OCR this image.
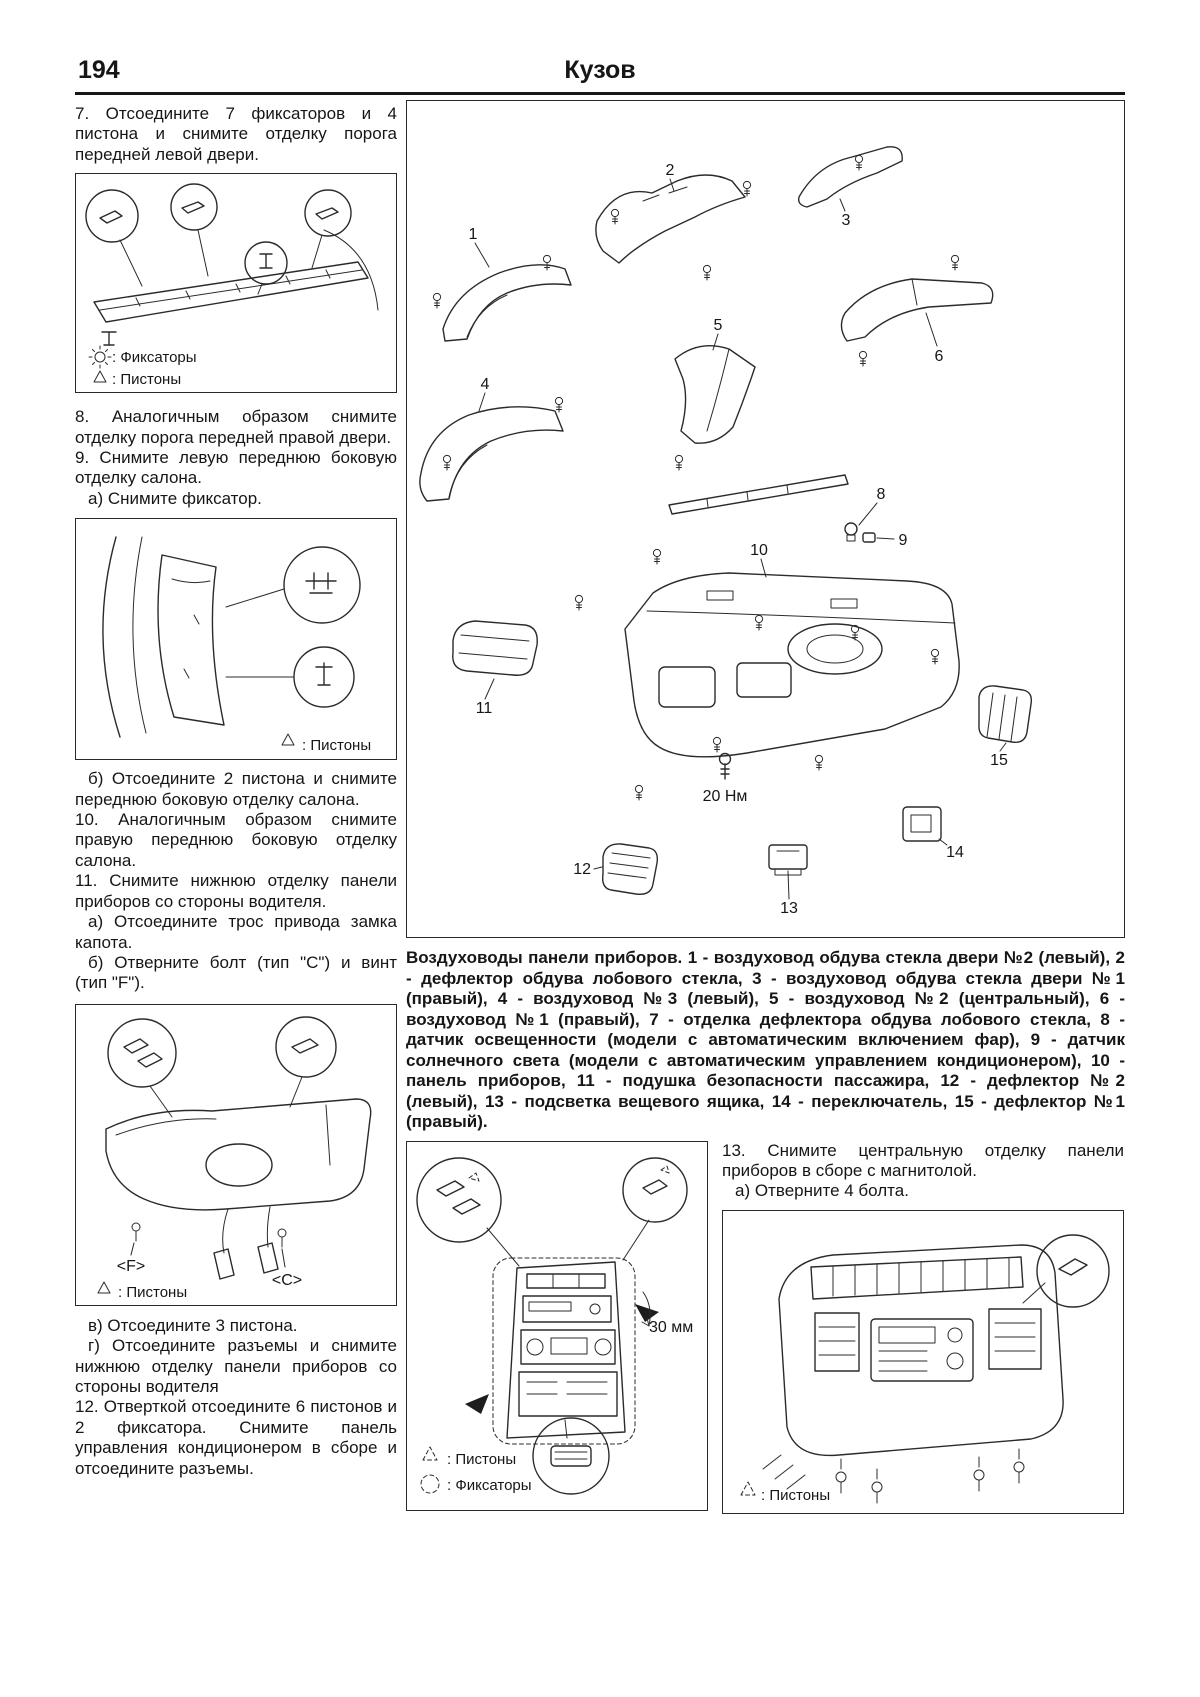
194	Кузов

7. Отсоедините 7 фиксаторов и 4 пистона и снимите отделку порога передней левой двери.

: Фиксаторы
: Пистоны

8. Аналогичным образом снимите отделку порога передней правой двери.

9. Снимите левую переднюю боковую отделку салона.

а) Снимите фиксатор.

: Пистоны

б) Отсоедините 2 пистона и снимите переднюю боковую отделку салона.

10. Аналогичным образом снимите правую переднюю боковую отделку салона.

11. Снимите нижнюю отделку панели приборов со стороны водителя.

а) Отсоедините трос привода замка капота.

б) Отверните болт (тип "C") и винт (тип "F").

<F>
<C>
: Пистоны

в) Отсоедините 3 пистона.

г) Отсоедините разъемы и снимите нижнюю отделку панели приборов со стороны водителя

12. Отверткой отсоедините 6 пистонов и 2 фиксатора. Снимите панель управления кондиционером в сборе и отсоедините разъемы.

1
2
3
4
5
6
8
9
10
11
12
13
14
15
20 Нм

Воздуховоды панели приборов. 1 - воздуховод обдува стекла двери №2 (левый), 2 - дефлектор обдува лобового стекла, 3 - воздуховод обдува стекла двери №1 (правый), 4 - воздуховод №3 (левый), 5 - воздуховод №2 (центральный), 6 - воздуховод №1 (правый), 7 - отделка дефлектора обдува лобового стекла, 8 - датчик освещенности (модели с автоматическим включением фар), 9 - датчик солнечного света (модели с автоматическим управлением кондиционером), 10 - панель приборов, 11 - подушка безопасности пассажира, 12 - дефлектор №2 (левый), 13 - подсветка вещевого ящика, 14 - переключатель, 15 - дефлектор №1 (правый).

30 мм
: Пистоны
: Фиксаторы

13. Снимите центральную отделку панели приборов в сборе с магнитолой.

а) Отверните 4 болта.

: Пистоны
